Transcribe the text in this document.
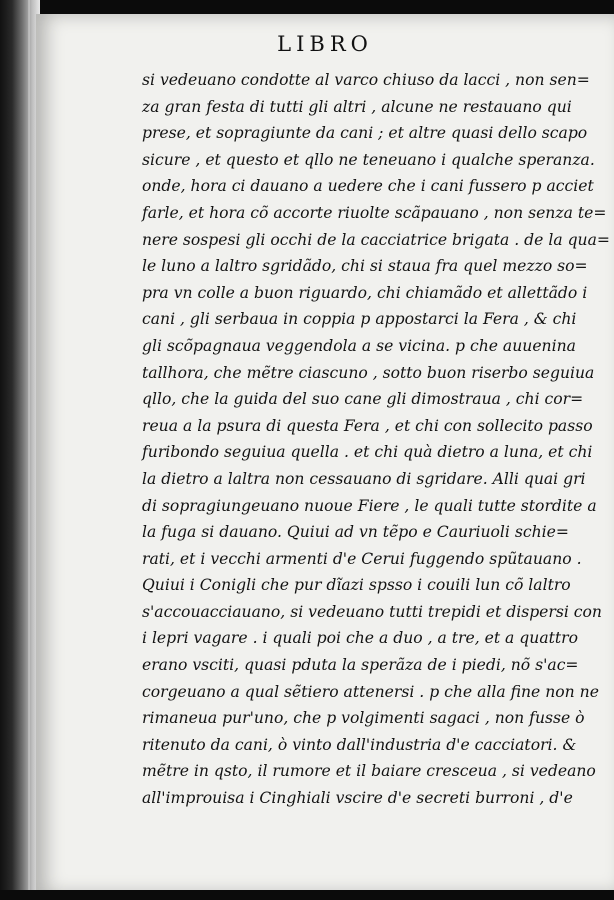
LIBRO
si vedeuano condotte al varco chiuso da lacci , non sen=
za gran festa di tutti gli altri , alcune ne restauano qui
prese, et sopragiunte da cani ; et altre quasi dello scapo
sicure , et questo et qllo ne teneuano i qualche speranza.
onde, hora ci dauano a uedere che i cani fussero p acciet
farle, et hora cõ accorte riuolte scãpauano , non senza te=
nere sospesi gli occhi de la cacciatrice brigata . de la qua=
le luno a laltro sgridãdo, chi si staua fra quel mezzo so=
pra vn colle a buon riguardo, chi chiamãdo et allettãdo i
cani , gli serbaua in coppia p appostarci la Fera , & chi
gli scõpagnaua veggendola a se vicina. p che auuenina
tallhora, che mẽtre ciascuno , sotto buon riserbo seguiua
qllo, che la guida del suo cane gli dimostraua , chi cor=
reua a la psura di questa Fera , et chi con sollecito passo
furibondo seguiua quella . et chi quà dietro a luna, et chi
la dietro a laltra non cessauano di sgridare. Alli quai gri
di sopragiungeuano nuoue Fiere , le quali tutte stordite a
la fuga si dauano. Quiui ad vn tẽpo e Cauriuoli schie=
rati, et i vecchi armenti d'e Cerui fuggendo spũtauano .
Quiui i Conigli che pur dĩazi spsso i couili lun cõ laltro
s'accouacciauano, si vedeuano tutti trepidi et dispersi con
i lepri vagare . i quali poi che a duo , a tre, et a quattro
erano vsciti, quasi pduta la sperãza de i piedi, nõ s'ac=
corgeuano a qual sẽtiero attenersi . p che alla fine non ne
rimaneua pur'uno, che p volgimenti sagaci , non fusse ò
ritenuto da cani, ò vinto dall'industria d'e cacciatori. &
mẽtre in qsto, il rumore et il baiare cresceua , si vedeano
all'improuisa i Cinghiali vscire d'e secreti burroni , d'e
